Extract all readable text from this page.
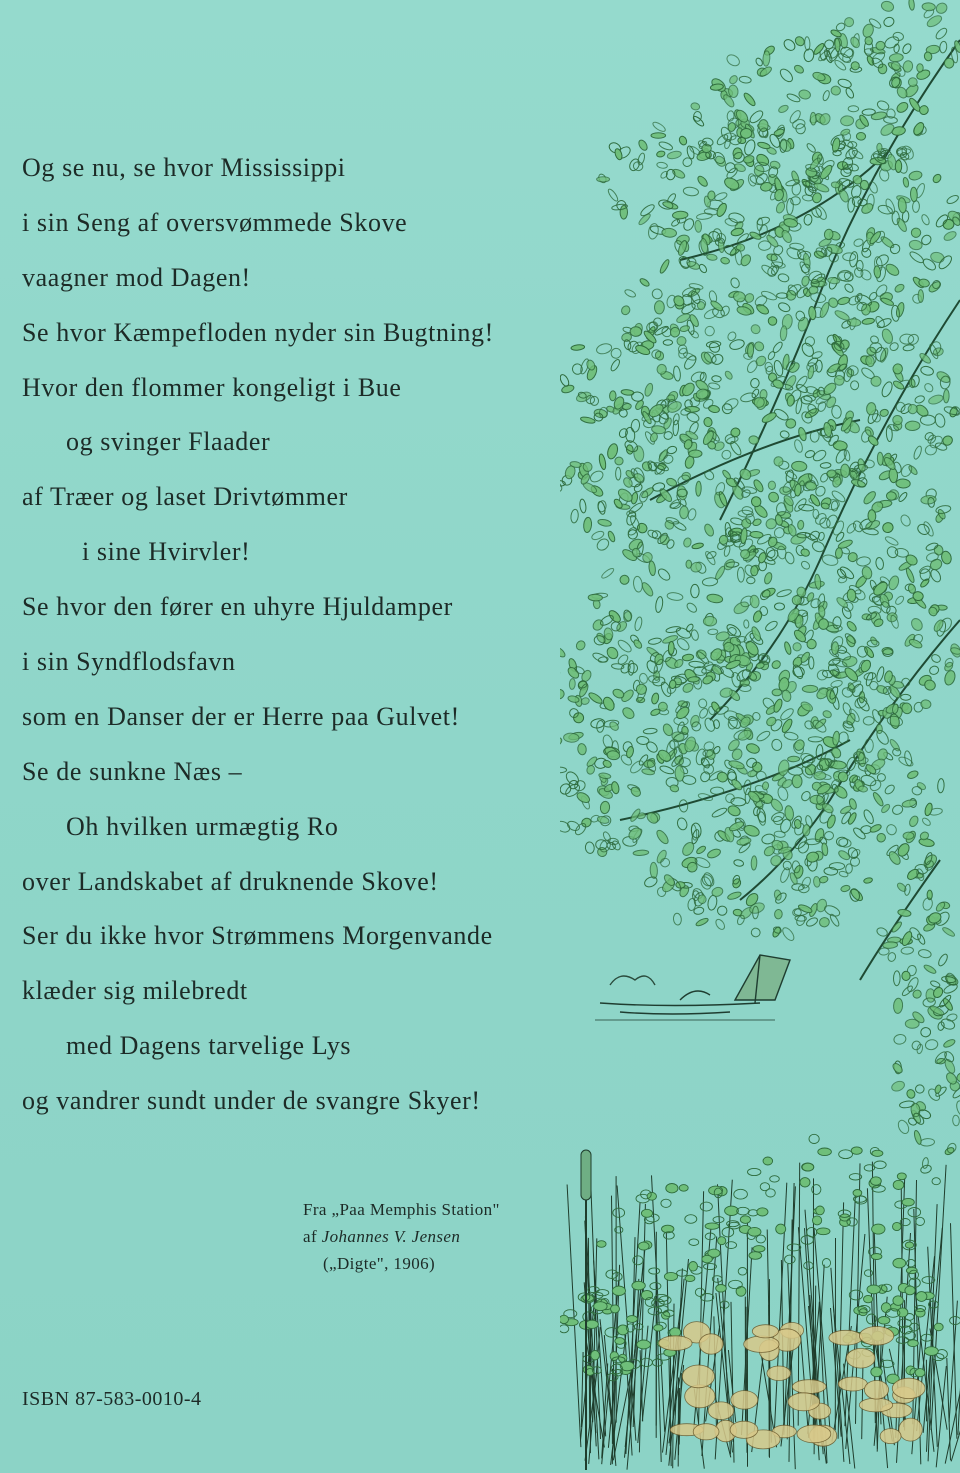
Og se nu, se hvor Mississippi
i sin Seng af oversvømmede Skove
vaagner mod Dagen!
Se hvor Kæmpefloden nyder sin Bugtning!
Hvor den flommer kongeligt i Bue
og svinger Flaader
af Træer og laset Drivtømmer
i sine Hvirvler!
Se hvor den fører en uhyre Hjuldamper
i sin Syndflodsfavn
som en Danser der er Herre paa Gulvet!
Se de sunkne Næs –
Oh hvilken urmægtig Ro
over Landskabet af druknende Skove!
Ser du ikke hvor Strømmens Morgenvande
klæder sig milebredt
med Dagens tarvelige Lys
og vandrer sundt under de svangre Skyer!
Fra „Paa Memphis Station"
af Johannes V. Jensen
(„Digte", 1906)
ISBN 87-583-0010-4
